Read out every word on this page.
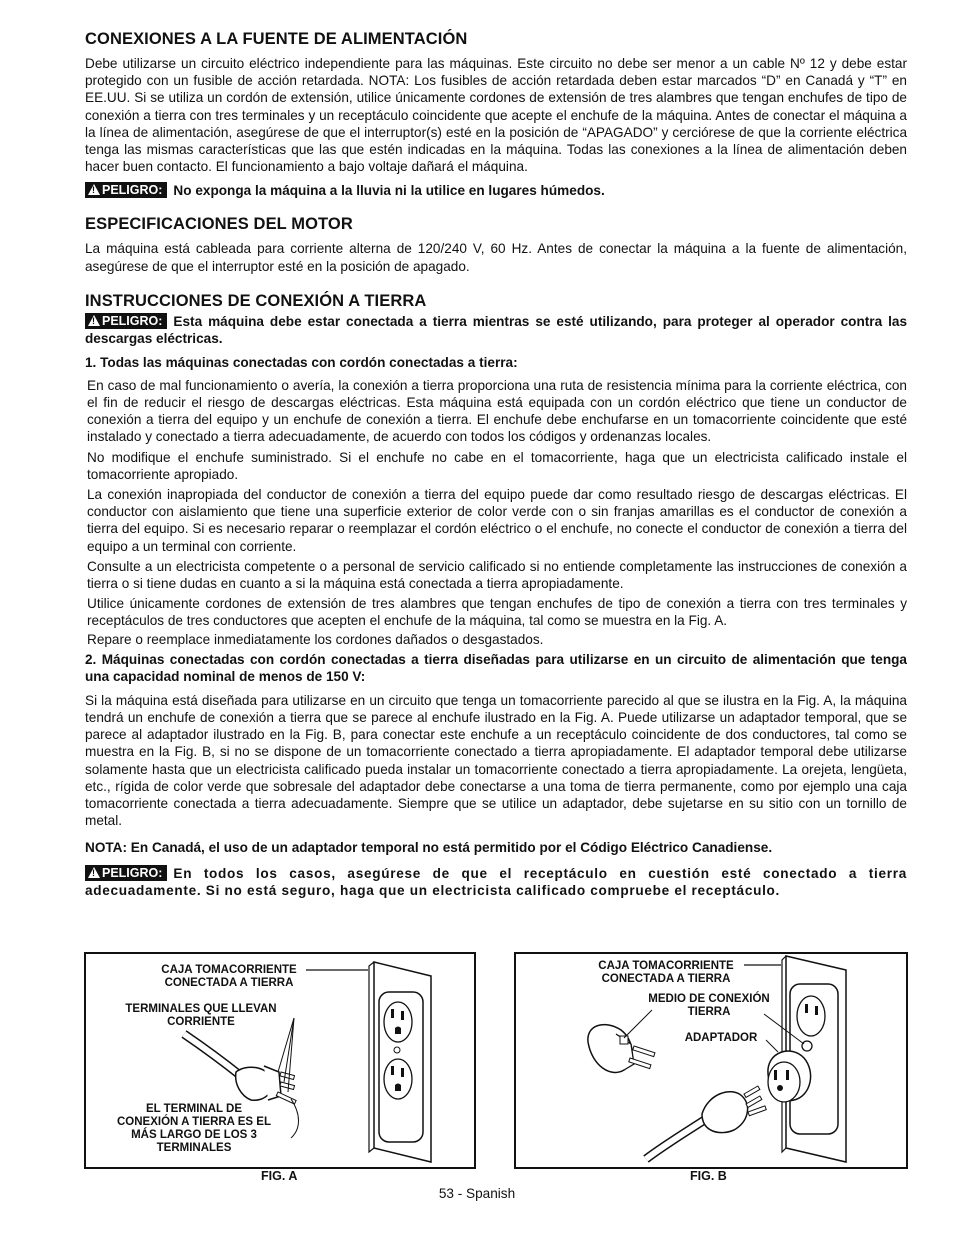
CONEXIONES A LA FUENTE DE ALIMENTACIÓN

Debe utilizarse un circuito eléctrico independiente para las máquinas. Este circuito no debe ser menor a un cable Nº 12 y debe estar protegido con un fusible de acción retardada. NOTA: Los fusibles de acción retardada deben estar marcados “D” en Canadá y “T” en EE.UU. Si se utiliza un cordón de extensión, utilice únicamente cordones de extensión de tres alambres que tengan enchufes de tipo de conexión a tierra con tres terminales y un receptáculo coincidente que acepte el enchufe de la máquina. Antes de conectar el máquina a la línea de alimentación, asegúrese de que el interruptor(s) esté en la posición de “APAGADO” y cerciórese de que la corriente eléctrica tenga las mismas características que las que estén indicadas en la máquina. Todas las conexiones a la línea de alimentación deben hacer buen contacto. El funcionamiento a bajo voltaje dañará el máquina.

! PELIGRO: No exponga la máquina a la lluvia ni la utilice en lugares húmedos.
ESPECIFICACIONES DEL MOTOR

La máquina está cableada para corriente alterna de 120/240 V, 60 Hz. Antes de conectar la máquina a la fuente de alimentación, asegúrese de que el interruptor esté en la posición de apagado.

INSTRUCCIONES DE CONEXIÓN A TIERRA
! PELIGRO: Esta máquina debe estar conectada a tierra mientras se esté utilizando, para proteger al operador contra las descargas eléctricas.
1. Todas las máquinas conectadas con cordón conectadas a tierra:

En caso de mal funcionamiento o avería, la conexión a tierra proporciona una ruta de resistencia mínima para la corriente eléctrica, con el fin de reducir el riesgo de descargas eléctricas. Esta máquina está equipada con un cordón eléctrico que tiene un conductor de conexión a tierra del equipo y un enchufe de conexión a tierra. El enchufe debe enchufarse en un tomacorriente coincidente que esté instalado y conectado a tierra adecuadamente, de acuerdo con todos los códigos y ordenanzas locales.

No modifique el enchufe suministrado. Si el enchufe no cabe en el tomacorriente, haga que un electricista calificado instale el tomacorriente apropiado.

La conexión inapropiada del conductor de conexión a tierra del equipo puede dar como resultado riesgo de descargas eléctricas. El conductor con aislamiento que tiene una superficie exterior de color verde con o sin franjas amarillas es el conductor de conexión a tierra del equipo. Si es necesario reparar o reemplazar el cordón eléctrico o el enchufe, no conecte el conductor de conexión a tierra del equipo a un terminal con corriente.

Consulte a un electricista competente o a personal de servicio calificado si no entiende completamente las instrucciones de conexión a tierra o si tiene dudas en cuanto a si la máquina está conectada a tierra apropiadamente.

Utilice únicamente cordones de extensión de tres alambres que tengan enchufes de tipo de conexión a tierra con tres terminales y receptáculos de tres conductores que acepten el enchufe de la máquina, tal como se muestra en la Fig. A.

Repare o reemplace inmediatamente los cordones dañados o desgastados.

2. Máquinas conectadas con cordón conectadas a tierra diseñadas para utilizarse en un circuito de alimentación que tenga una capacidad nominal de menos de 150 V:

Si la máquina está diseñada para utilizarse en un circuito que tenga un tomacorriente parecido al que se ilustra en la Fig. A, la máquina tendrá un enchufe de conexión a tierra que se parece al enchufe ilustrado en la Fig. A. Puede utilizarse un adaptador temporal, que se parece al adaptador ilustrado en la Fig. B, para conectar este enchufe a un receptáculo coincidente de dos conductores, tal como se muestra en la Fig. B, si no se dispone de un tomacorriente conectado a tierra apropiadamente. El adaptador temporal debe utilizarse solamente hasta que un electricista calificado pueda instalar un tomacorriente conectado a tierra apropiadamente. La orejeta, lengüeta, etc., rígida de color verde que sobresale del adaptador debe conectarse a una toma de tierra permanente, como por ejemplo una caja tomacorriente conectada a tierra adecuadamente. Siempre que se utilice un adaptador, debe sujetarse en su sitio con un tornillo de metal.

NOTA: En Canadá, el uso de un adaptador temporal no está permitido por el Código Eléctrico Canadiense.
! PELIGRO: En todos los casos, asegúrese de que el receptáculo en cuestión esté conectado a tierra adecuadamente. Si no está seguro, haga que un electricista calificado compruebe el receptáculo.
CAJA TOMACORRIENTE CONECTADA A TIERRA
TERMINALES QUE LLEVAN CORRIENTE
EL TERMINAL DE CONEXIÓN A TIERRA ES EL MÁS LARGO DE LOS 3 TERMINALES
CAJA TOMACORRIENTE CONECTADA A TIERRA
MEDIO DE CONEXIÓN TIERRA
ADAPTADOR
FIG. A	FIG. B
53 - Spanish
